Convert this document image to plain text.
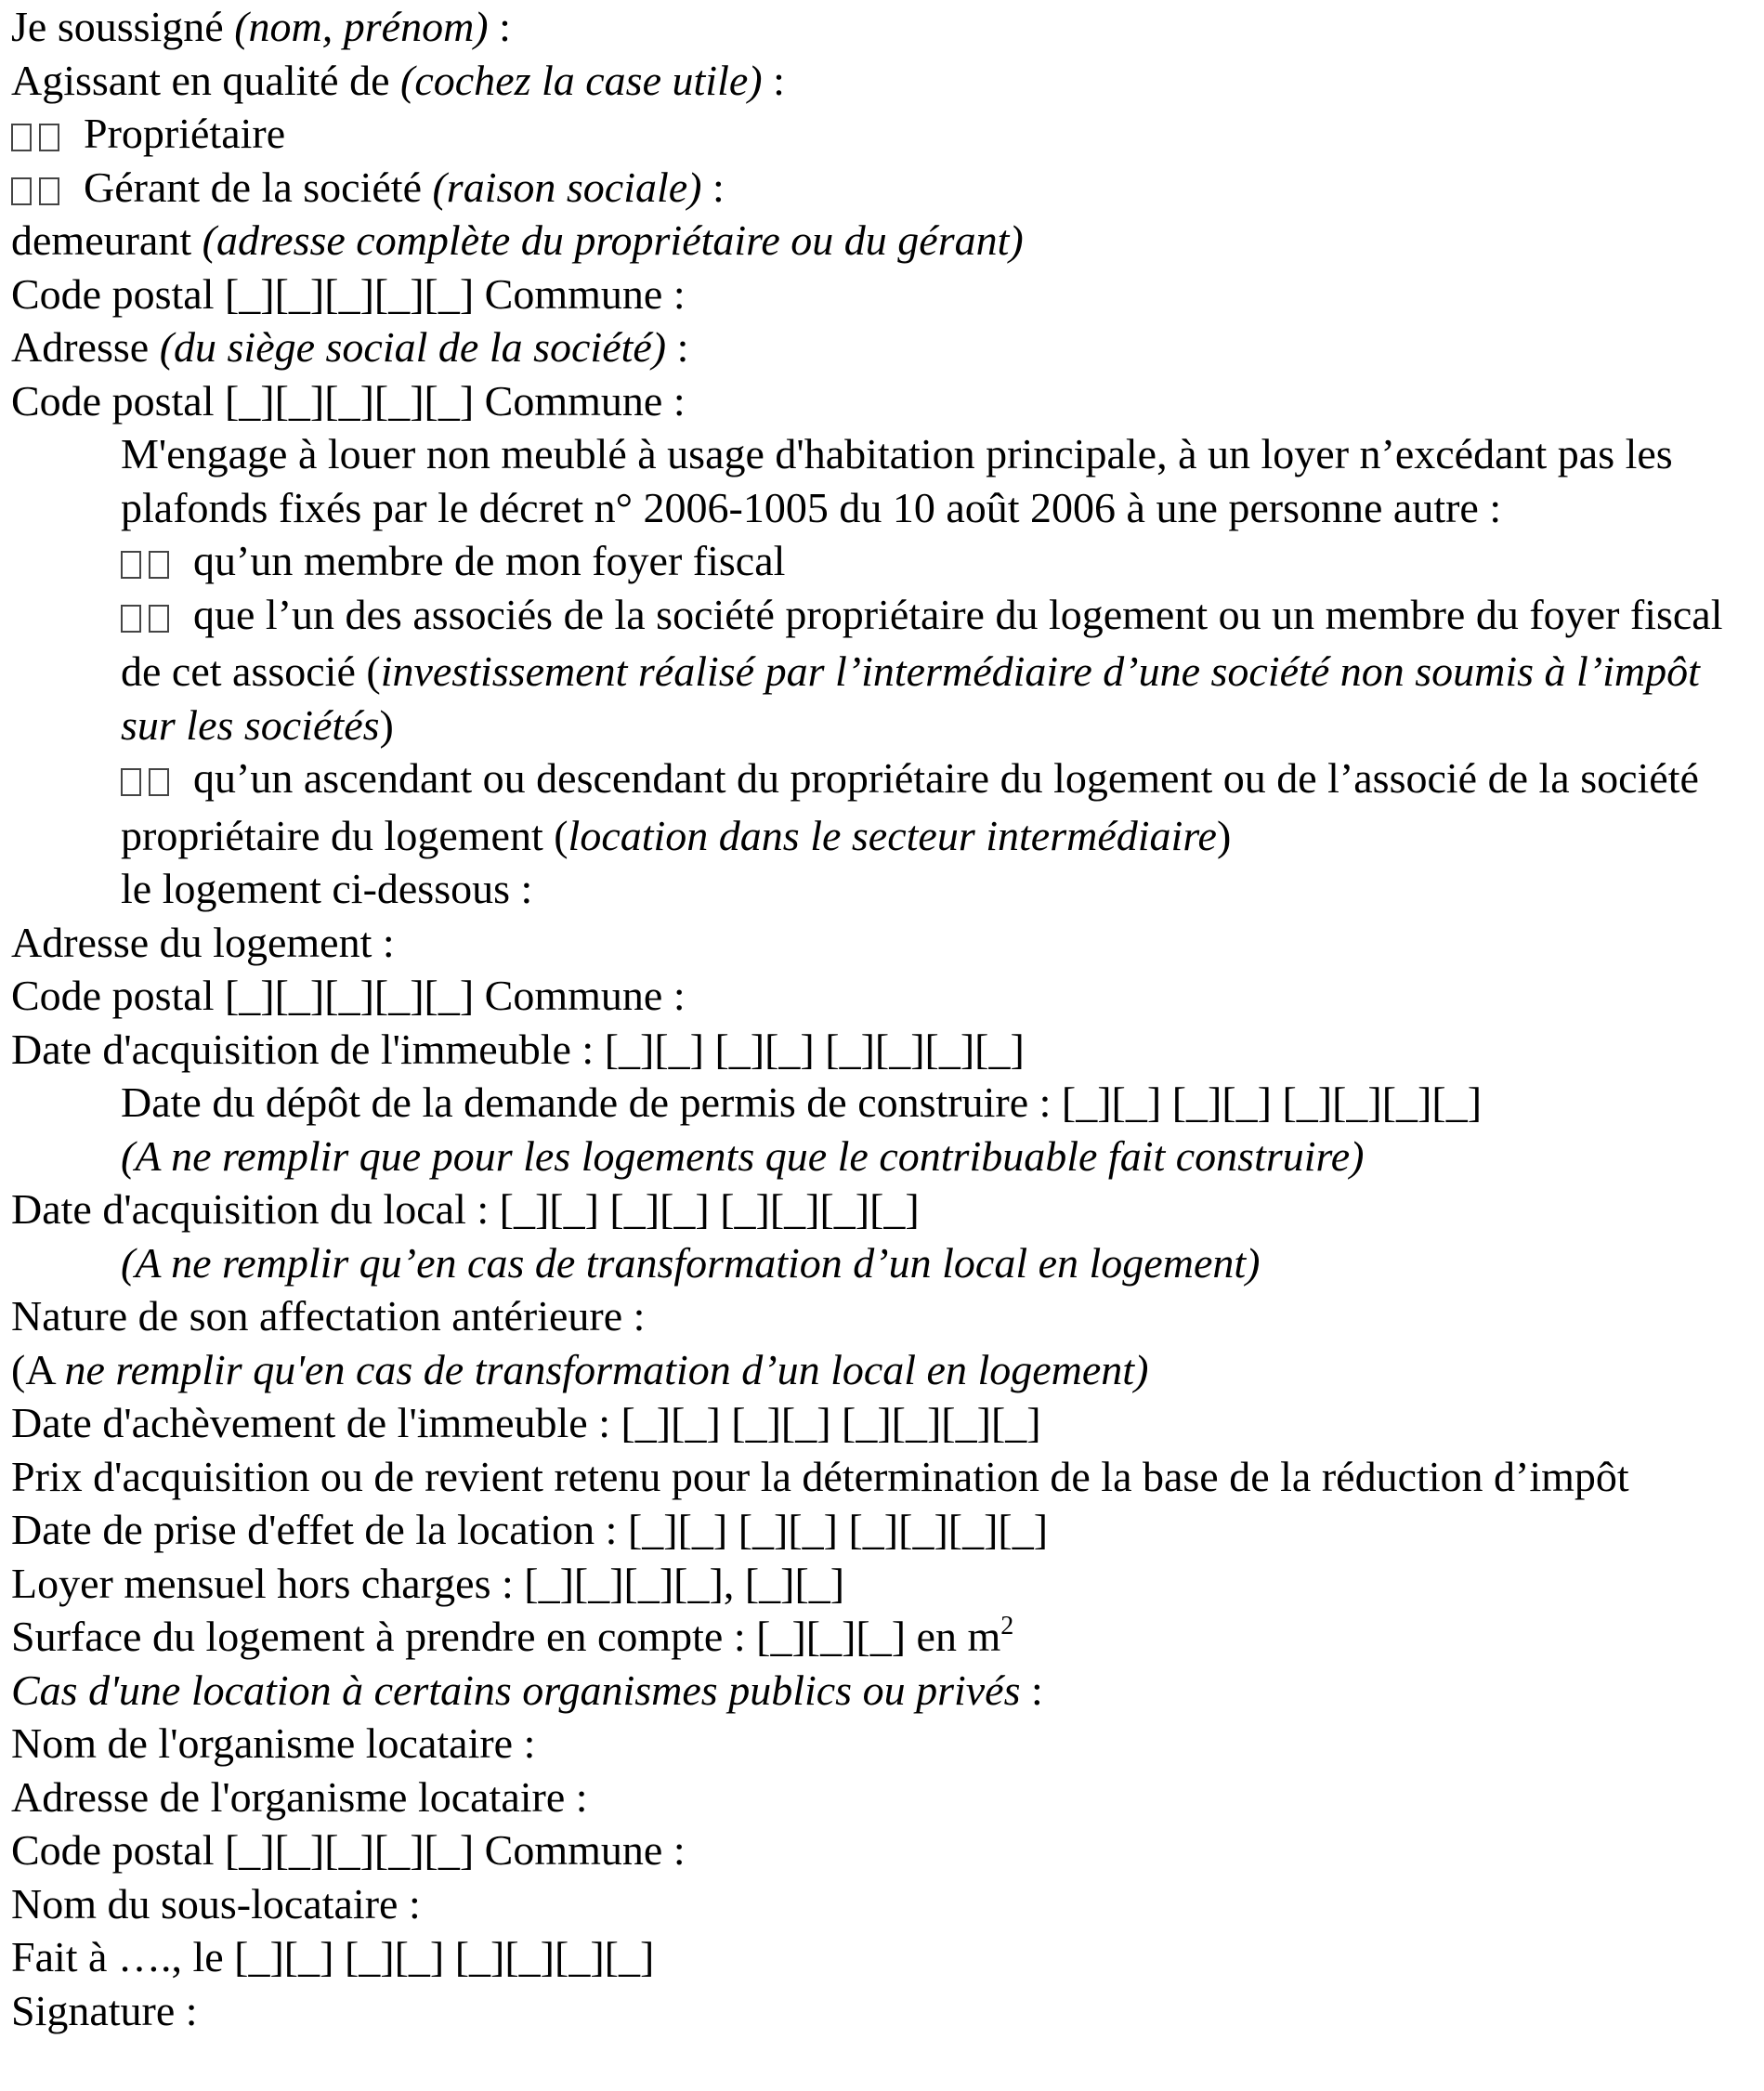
Je soussigné (nom, prénom) :
Agissant en qualité de (cochez la case utile) :
Propriétaire
Gérant de la société (raison sociale) :
demeurant (adresse complète du propriétaire ou du gérant)
Code postal [_][_][_][_][_] Commune :
Adresse (du siège social de la société) :
Code postal [_][_][_][_][_] Commune :
M'engage à louer non meublé à usage d'habitation principale, à un loyer n’excédant pas les plafonds fixés par le décret n° 2006-1005 du 10 août 2006 à une personne autre :
qu’un membre de mon foyer fiscal
que l’un des associés de la société propriétaire du logement ou un membre du foyer fiscal de cet associé (investissement réalisé par l’intermédiaire d’une société non soumis à l’impôt sur les sociétés)
qu’un ascendant ou descendant du propriétaire du logement ou de l’associé de la société propriétaire du logement (location dans le secteur intermédiaire)
le logement ci-dessous :
Adresse du logement :
Code postal [_][_][_][_][_] Commune :
Date d'acquisition de l'immeuble : [_][_] [_][_] [_][_][_][_]
Date du dépôt de la demande de permis de construire : [_][_] [_][_] [_][_][_][_]
(A ne remplir que pour les logements que le contribuable fait construire)
Date d'acquisition du local : [_][_] [_][_] [_][_][_][_]
(A ne remplir qu’en cas de transformation d’un local en logement)
Nature de son affectation antérieure :
(A ne remplir qu'en cas de transformation d’un local en logement)
Date d'achèvement de l'immeuble : [_][_] [_][_] [_][_][_][_]
Prix d'acquisition ou de revient retenu pour la détermination de la base de la réduction d’impôt
Date de prise d'effet de la location : [_][_] [_][_] [_][_][_][_]
Loyer mensuel hors charges : [_][_][_][_], [_][_]
Surface du logement à prendre en compte : [_][_][_] en $m^2$
Cas d'une location à certains organismes publics ou privés :
Nom de l'organisme locataire :
Adresse de l'organisme locataire :
Code postal [_][_][_][_][_] Commune :
Nom du sous-locataire :
Fait à …., le [_][_] [_][_] [_][_][_][_]
Signature :
